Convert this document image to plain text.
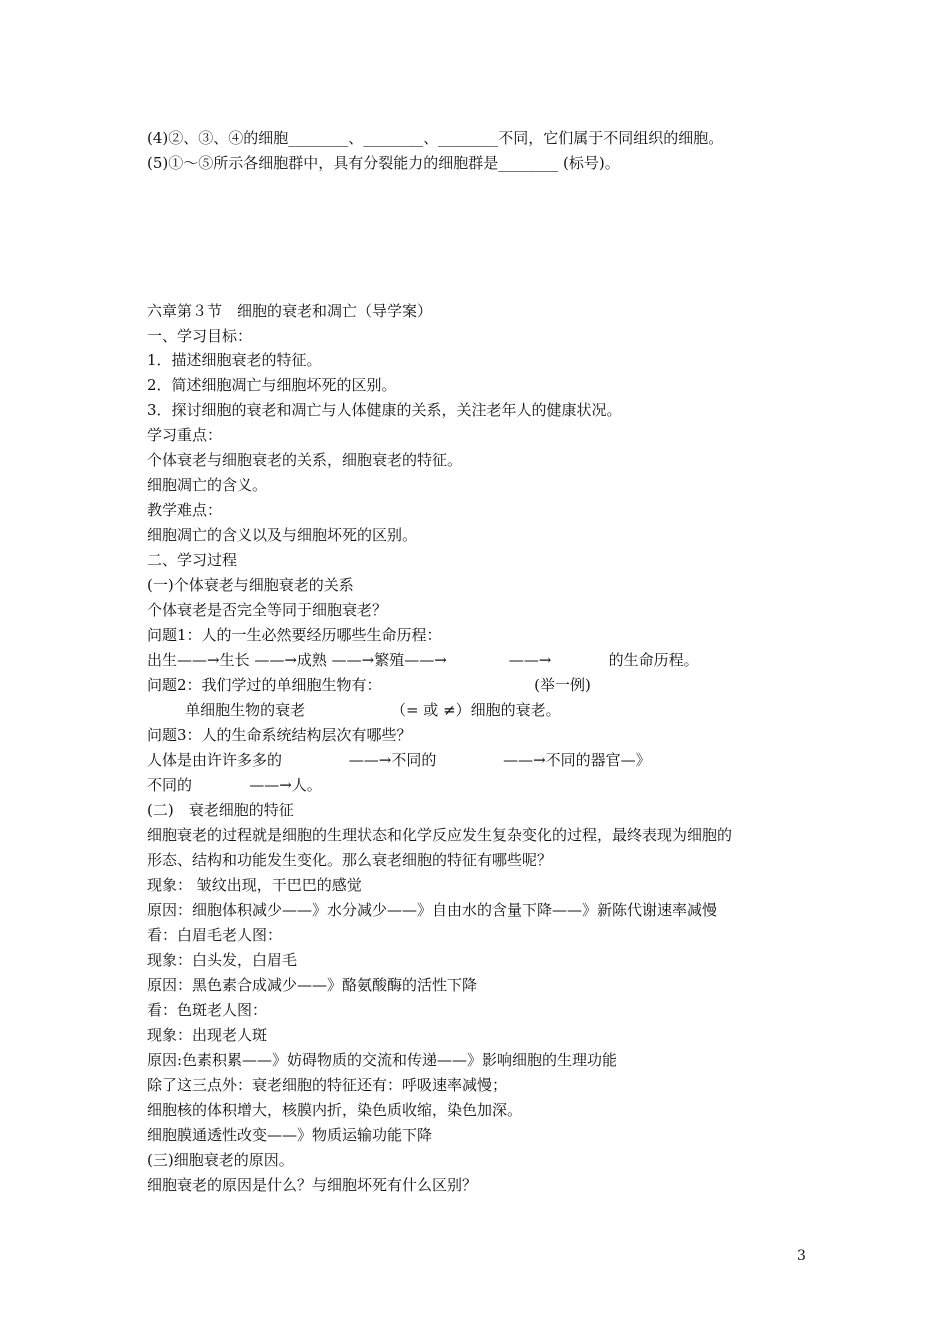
(4)②、③、④的细胞________、________、________不同，它们属于不同组织的细胞。
(5)①～⑤所示各细胞群中，具有分裂能力的细胞群是________ (标号)。
六章第３节　细胞的衰老和凋亡（导学案）
一、学习目标：
1．描述细胞衰老的特征。
2．简述细胞凋亡与细胞坏死的区别。
3．探讨细胞的衰老和凋亡与人体健康的关系，关注老年人的健康状况。
学习重点：
个体衰老与细胞衰老的关系，细胞衰老的特征。
细胞凋亡的含义。
教学难点：
细胞凋亡的含义以及与细胞坏死的区别。
二、学习过程
(一)个体衰老与细胞衰老的关系
个体衰老是否完全等同于细胞衰老？
问题1：人的一生必然要经历哪些生命历程：
出生——→生长 ——→成熟 ——→繁殖——→             ——→            的生命历程。
问题2：我们学过的单细胞生物有：                                (举一例)
单细胞生物的衰老                  （= 或 ≠）细胞的衰老。
问题3：人的生命系统结构层次有哪些？
人体是由许许多多的              ——→不同的              ——→不同的器官—》
不同的            ——→人。
(二)　衰老细胞的特征
细胞衰老的过程就是细胞的生理状态和化学反应发生复杂变化的过程，最终表现为细胞的
形态、结构和功能发生变化。那么衰老细胞的特征有哪些呢？
现象： 皱纹出现，干巴巴的感觉
原因：细胞体积减少——》水分减少——》自由水的含量下降——》新陈代谢速率减慢
看：白眉毛老人图：
现象：白头发，白眉毛
原因：黑色素合成减少——》酪氨酸酶的活性下降
看：色斑老人图：
现象：出现老人斑
原因:色素积累——》妨碍物质的交流和传递——》影响细胞的生理功能
除了这三点外：衰老细胞的特征还有：呼吸速率减慢；
细胞核的体积增大，核膜内折，染色质收缩，染色加深。
细胞膜通透性改变——》物质运输功能下降
(三)细胞衰老的原因。
细胞衰老的原因是什么？与细胞坏死有什么区别？
3
